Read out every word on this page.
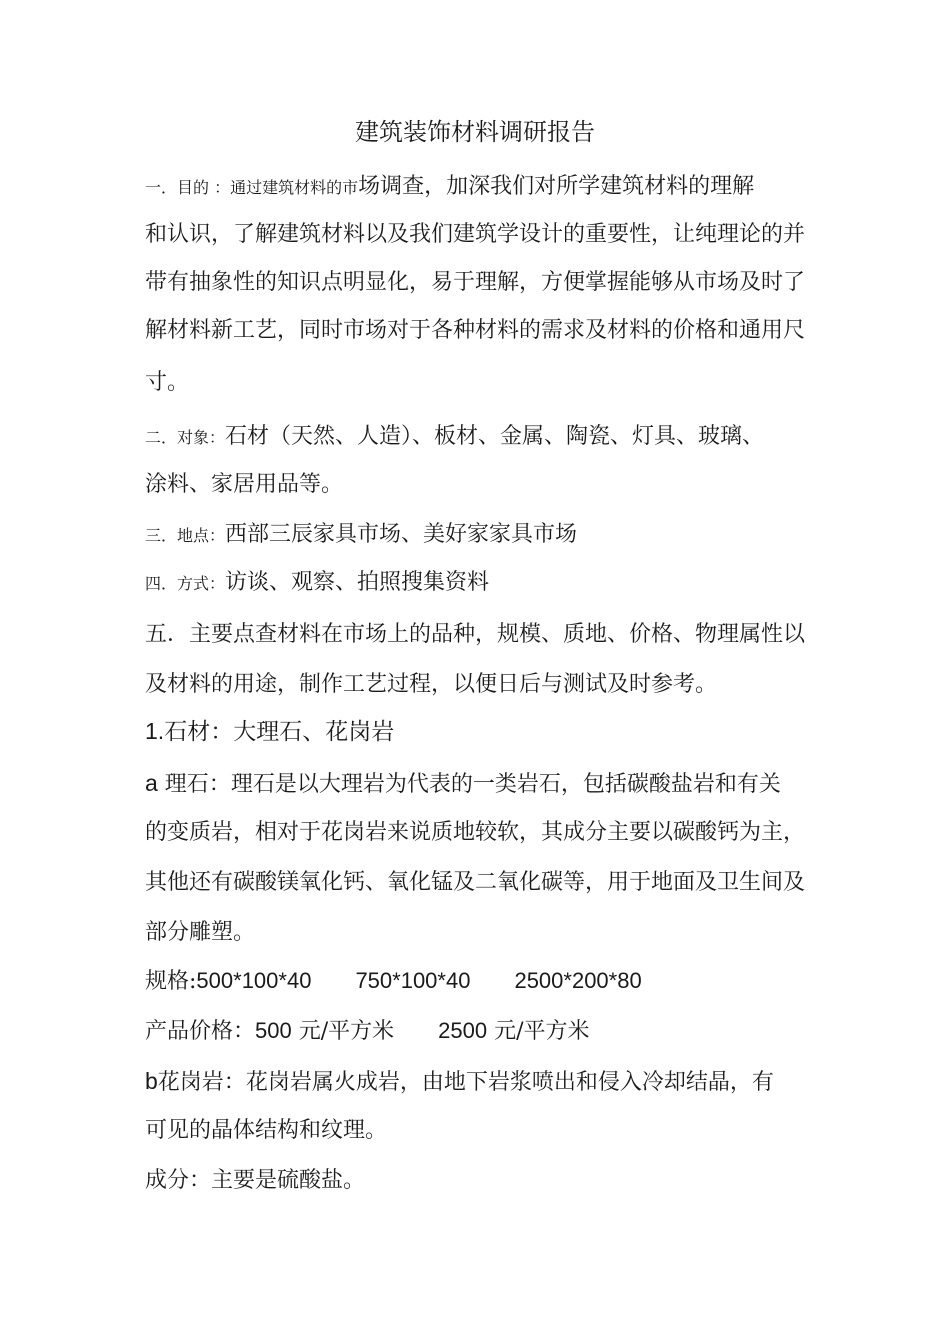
建筑装饰材料调研报告
一．目的 ：通过建筑材料的市场调查，加深我们对所学建筑材料的理解
和认识，了解建筑材料以及我们建筑学设计的重要性，让纯理论的并
带有抽象性的知识点明显化，易于理解，方便掌握能够从市场及时了
解材料新工艺，同时市场对于各种材料的需求及材料的价格和通用尺
寸。
二．对象：石材（天然、人造）、板材、金属、陶瓷、灯具、玻璃、
涂料、家居用品等。
三．地点：西部三辰家具市场、美好家家具市场
四．方式：访谈、观察、拍照搜集资料
五．主要点查材料在市场上的品种，规模、质地、价格、物理属性以
及材料的用途，制作工艺过程，以便日后与测试及时参考。
1.石材：大理石、花岗岩
a 理石：理石是以大理岩为代表的一类岩石，包括碳酸盐岩和有关
的变质岩，相对于花岗岩来说质地较软，其成分主要以碳酸钙为主，
其他还有碳酸镁氧化钙、氧化锰及二氧化碳等，用于地面及卫生间及
部分雕塑。
规格:500*100*40 750*100*40 2500*200*80
产品价格：500 元/平方米 2500 元/平方米
b花岗岩：花岗岩属火成岩，由地下岩浆喷出和侵入冷却结晶，有
可见的晶体结构和纹理。
成分：主要是硫酸盐。
